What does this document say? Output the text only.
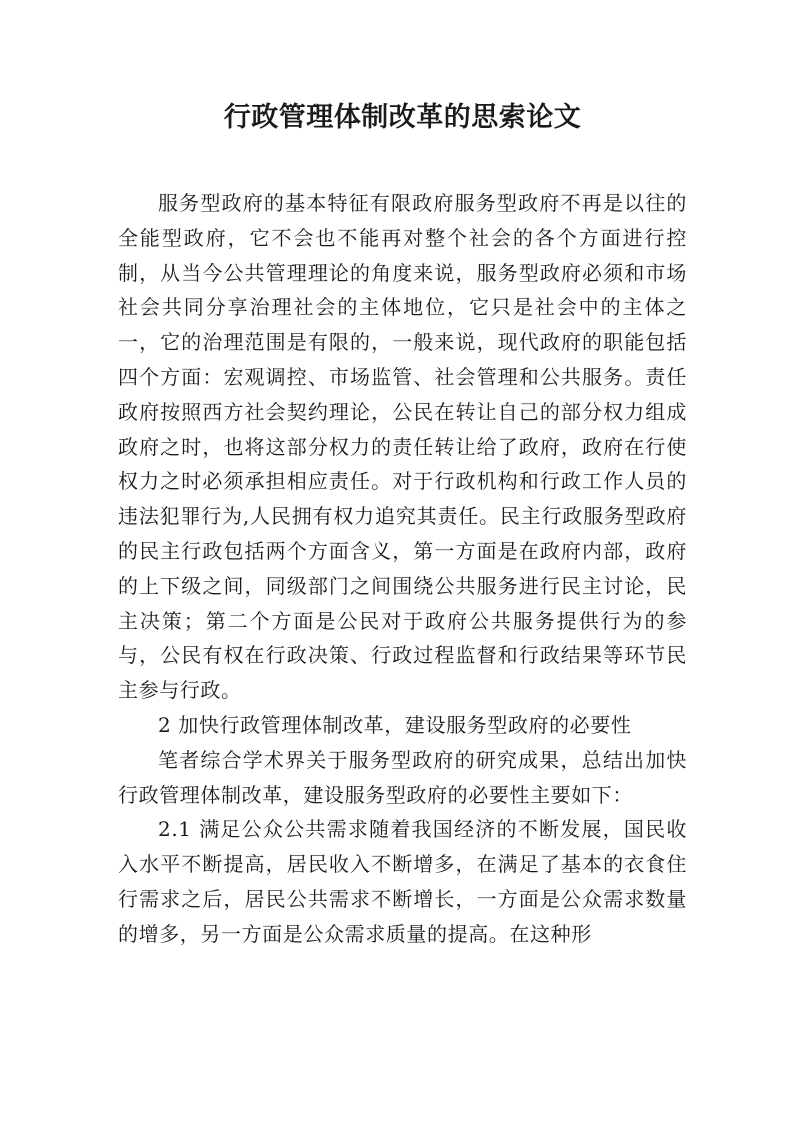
行政管理体制改革的思索论文

服务型政府的基本特征有限政府服务型政府不再是以往的全能型政府，它不会也不能再对整个社会的各个方面进行控制，从当今公共管理理论的角度来说，服务型政府必须和市场社会共同分享治理社会的主体地位，它只是社会中的主体之一，它的治理范围是有限的，一般来说，现代政府的职能包括四个方面：宏观调控、市场监管、社会管理和公共服务。责任政府按照西方社会契约理论，公民在转让自己的部分权力组成政府之时，也将这部分权力的责任转让给了政府，政府在行使权力之时必须承担相应责任。对于行政机构和行政工作人员的违法犯罪行为,人民拥有权力追究其责任。民主行政服务型政府的民主行政包括两个方面含义，第一方面是在政府内部，政府的上下级之间，同级部门之间围绕公共服务进行民主讨论，民主决策；第二个方面是公民对于政府公共服务提供行为的参与，公民有权在行政决策、行政过程监督和行政结果等环节民主参与行政。

2 加快行政管理体制改革，建设服务型政府的必要性

笔者综合学术界关于服务型政府的研究成果，总结出加快行政管理体制改革，建设服务型政府的必要性主要如下：

2.1 满足公众公共需求随着我国经济的不断发展，国民收入水平不断提高，居民收入不断增多，在满足了基本的衣食住行需求之后，居民公共需求不断增长，一方面是公众需求数量的增多，另一方面是公众需求质量的提高。在这种形
